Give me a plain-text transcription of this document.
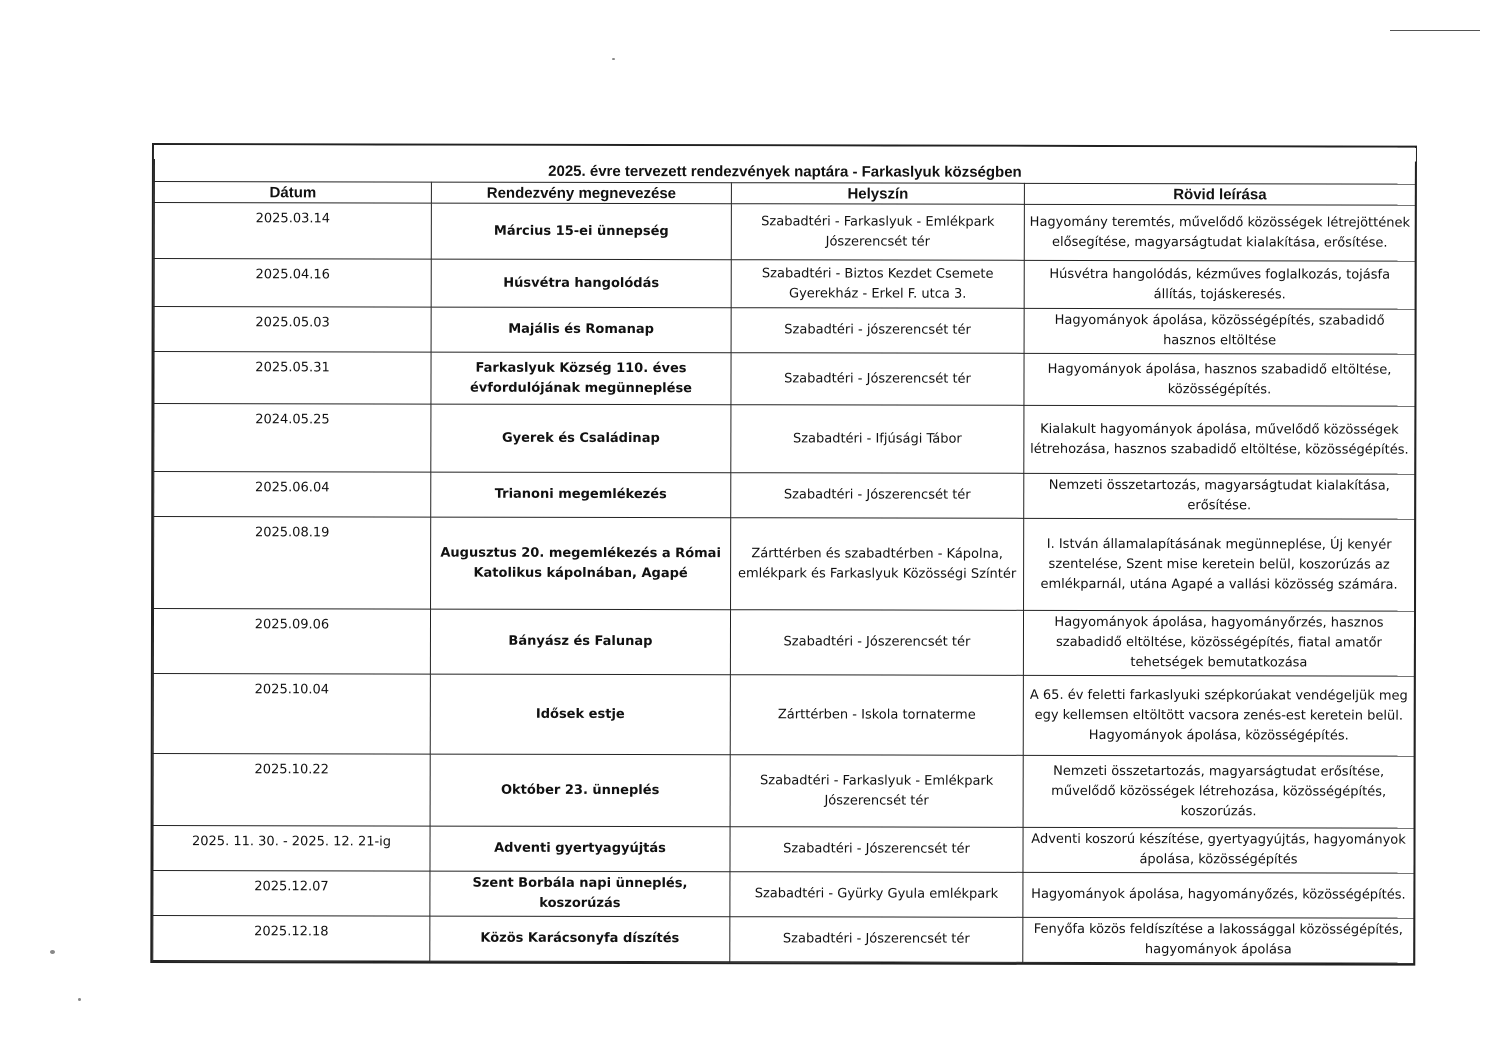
2025. évre tervezett rendezvények naptára - Farkaslyuk községben			
Dátum	Rendezvény megnevezése	Helyszín	Rövid leírása
2025.03.14	Március 15-ei ünnepség	Szabadtéri - Farkaslyuk - Emlékpark Jószerencsét tér	Hagyomány teremtés, művelődő közösségek létrejöttének elősegítése, magyarságtudat kialakítása, erősítése.
2025.04.16	Húsvétra hangolódás	Szabadtéri - Biztos Kezdet Csemete Gyerekház - Erkel F. utca 3.	Húsvétra hangolódás, kézműves foglalkozás, tojásfa állítás, tojáskeresés.
2025.05.03	Majális és Romanap	Szabadtéri - jószerencsét tér	Hagyományok ápolása, közösségépítés, szabadidő hasznos eltöltése
2025.05.31	Farkaslyuk Község 110. éves évfordulójának megünneplése	Szabadtéri - Jószerencsét tér	Hagyományok ápolása, hasznos szabadidő eltöltése, közösségépítés.
2024.05.25	Gyerek és Családinap	Szabadtéri - Ifjúsági Tábor	Kialakult hagyományok ápolása, művelődő közösségek létrehozása, hasznos szabadidő eltöltése, közösségépítés.
2025.06.04	Trianoni megemlékezés	Szabadtéri - Jószerencsét tér	Nemzeti összetartozás, magyarságtudat kialakítása, erősítése.
2025.08.19	Augusztus 20. megemlékezés a Római Katolikus kápolnában, Agapé	Zárttérben és szabadtérben - Kápolna, emlékpark és Farkaslyuk Közösségi Színtér	I. István államalapításának megünneplése, Új kenyér szentelése, Szent mise keretein belül, koszorúzás az emlékparnál, utána Agapé a vallási közösség számára.
2025.09.06	Bányász és Falunap	Szabadtéri - Jószerencsét tér	Hagyományok ápolása, hagyományőrzés, hasznos szabadidő eltöltése, közösségépítés, fiatal amatőr tehetségek bemutatkozása
2025.10.04	Idősek estje	Zárttérben - Iskola tornaterme	A 65. év feletti farkaslyuki szépkorúakat vendégeljük meg egy kellemsen eltöltött vacsora zenés-est keretein belül. Hagyományok ápolása, közösségépítés.
2025.10.22	Október 23. ünneplés	Szabadtéri - Farkaslyuk - Emlékpark Jószerencsét tér	Nemzeti összetartozás, magyarságtudat erősítése, művelődő közösségek létrehozása, közösségépítés, koszorúzás.
2025. 11. 30. - 2025. 12. 21-ig	Adventi gyertyagyújtás	Szabadtéri - Jószerencsét tér	Adventi koszorú készítése, gyertyagyújtás, hagyományok ápolása, közösségépítés
2025.12.07	Szent Borbála napi ünneplés, koszorúzás	Szabadtéri - Gyürky Gyula emlékpark	Hagyományok ápolása, hagyományőzés, közösségépítés.
2025.12.18	Közös Karácsonyfa díszítés	Szabadtéri - Jószerencsét tér	Fenyőfa közös feldíszítése a lakossággal közösségépítés, hagyományok ápolása
